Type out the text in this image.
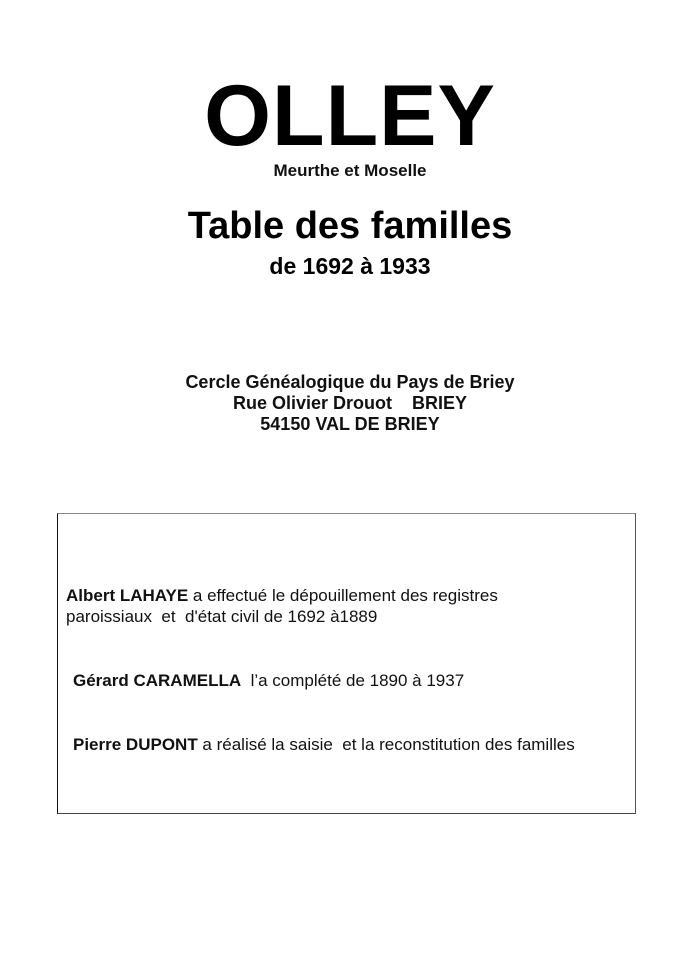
OLLEY
Meurthe et Moselle
Table des familles
de 1692 à 1933
Cercle Généalogique du Pays de Briey
Rue Olivier Drouot    BRIEY
54150 VAL DE BRIEY
Albert LAHAYE a effectué le dépouillement des registres
paroissiaux  et  d'état civil de 1692 à1889
Gérard CARAMELLA  l’a complété de 1890 à 1937
Pierre DUPONT a réalisé la saisie  et la reconstitution des familles
